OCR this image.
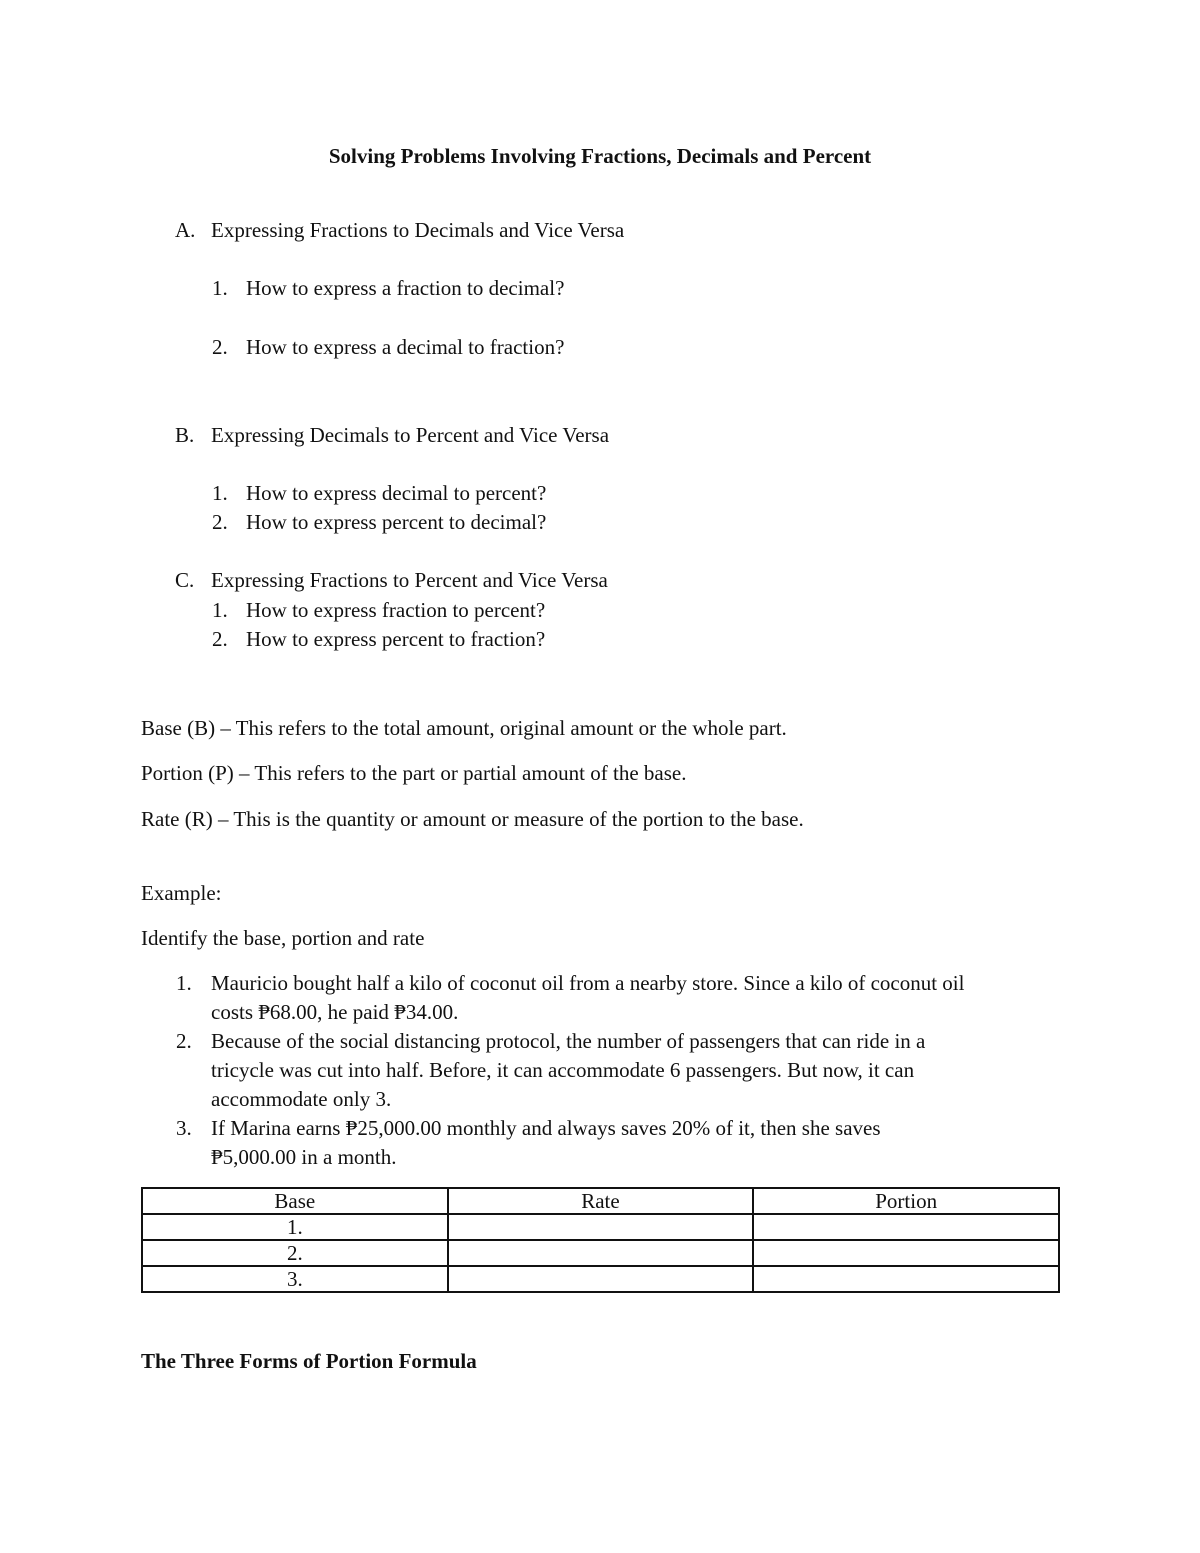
Solving Problems Involving Fractions, Decimals and Percent
A. Expressing Fractions to Decimals and Vice Versa
1. How to express a fraction to decimal?
2. How to express a decimal to fraction?
B. Expressing Decimals to Percent and Vice Versa
1. How to express decimal to percent?
2. How to express percent to decimal?
C. Expressing Fractions to Percent and Vice Versa
1. How to express fraction to percent?
2. How to express percent to fraction?
Base (B) – This refers to the total amount, original amount or the whole part.
Portion (P) – This refers to the part or partial amount of the base.
Rate (R) – This is the quantity or amount or measure of the portion to the base.
Example:
Identify the base, portion and rate
1. Mauricio bought half a kilo of coconut oil from a nearby store. Since a kilo of coconut oil
costs ₱68.00, he paid ₱34.00.
2. Because of the social distancing protocol, the number of passengers that can ride in a
tricycle was cut into half. Before, it can accommodate 6 passengers. But now, it can
accommodate only 3.
3. If Marina earns ₱25,000.00 monthly and always saves 20% of it, then she saves
₱5,000.00 in a month.
Base	Rate	Portion
1.		
2.		
3.		
The Three Forms of Portion Formula
